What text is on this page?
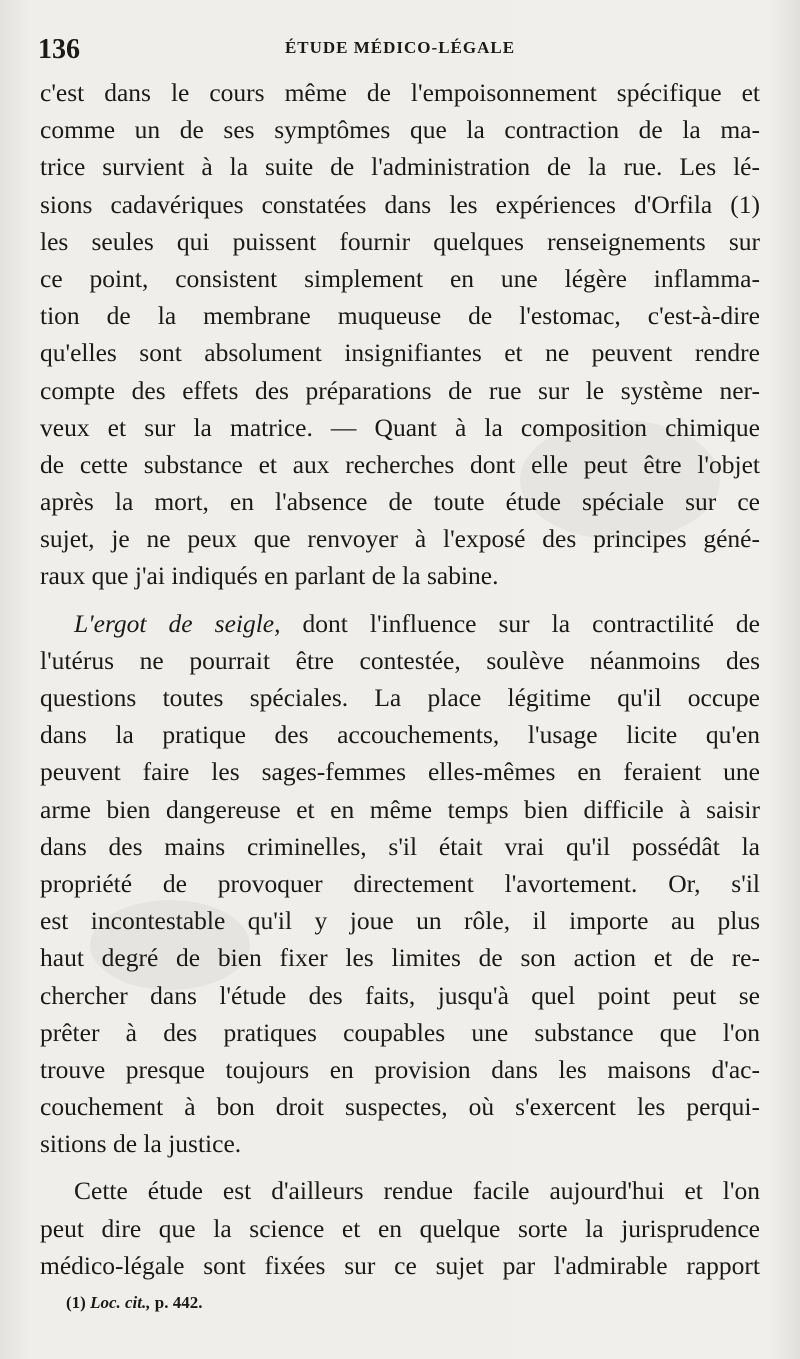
136	ÉTUDE MÉDICO-LÉGALE
c'est dans le cours même de l'empoisonnement spécifique et
comme un de ses symptômes que la contraction de la ma-
trice survient à la suite de l'administration de la rue. Les lé-
sions cadavériques constatées dans les expériences d'Orfila (1)
les seules qui puissent fournir quelques renseignements sur
ce point, consistent simplement en une légère inflamma-
tion de la membrane muqueuse de l'estomac, c'est-à-dire
qu'elles sont absolument insignifiantes et ne peuvent rendre
compte des effets des préparations de rue sur le système ner-
veux et sur la matrice. — Quant à la composition chimique
de cette substance et aux recherches dont elle peut être l'objet
après la mort, en l'absence de toute étude spéciale sur ce
sujet, je ne peux que renvoyer à l'exposé des principes géné-
raux que j'ai indiqués en parlant de la sabine.
L'ergot de seigle, dont l'influence sur la contractilité de
l'utérus ne pourrait être contestée, soulève néanmoins des
questions toutes spéciales. La place légitime qu'il occupe
dans la pratique des accouchements, l'usage licite qu'en
peuvent faire les sages-femmes elles-mêmes en feraient une
arme bien dangereuse et en même temps bien difficile à saisir
dans des mains criminelles, s'il était vrai qu'il possédât la
propriété de provoquer directement l'avortement. Or, s'il
est incontestable qu'il y joue un rôle, il importe au plus
haut degré de bien fixer les limites de son action et de re-
chercher dans l'étude des faits, jusqu'à quel point peut se
prêter à des pratiques coupables une substance que l'on
trouve presque toujours en provision dans les maisons d'ac-
couchement à bon droit suspectes, où s'exercent les perqui-
sitions de la justice.
Cette étude est d'ailleurs rendue facile aujourd'hui et l'on
peut dire que la science et en quelque sorte la jurisprudence
médico-légale sont fixées sur ce sujet par l'admirable rapport
(1) Loc. cit., p. 442.
